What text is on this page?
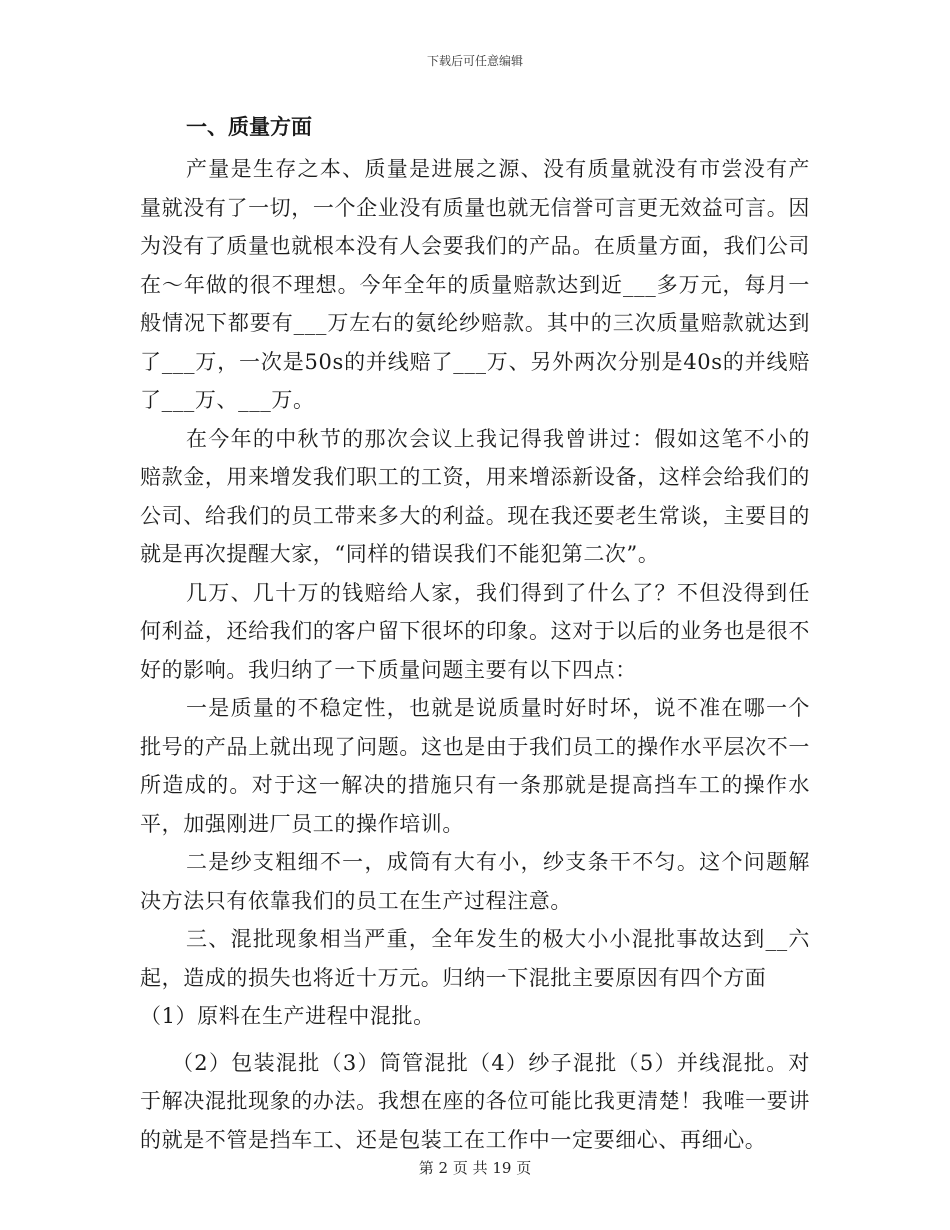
下载后可任意编辑
一、质量方面

产量是生存之本、质量是进展之源、没有质量就没有市尝没有产量就没有了一切，一个企业没有质量也就无信誉可言更无效益可言。因为没有了质量也就根本没有人会要我们的产品。在质量方面，我们公司在～年做的很不理想。今年全年的质量赔款达到近___多万元，每月一般情况下都要有___万左右的氨纶纱赔款。其中的三次质量赔款就达到了___万，一次是50s的并线赔了___万、另外两次分别是40s的并线赔了___万、___万。

在今年的中秋节的那次会议上我记得我曾讲过：假如这笔不小的赔款金，用来增发我们职工的工资，用来增添新设备，这样会给我们的公司、给我们的员工带来多大的利益。现在我还要老生常谈，主要目的就是再次提醒大家，“同样的错误我们不能犯第二次”。

几万、几十万的钱赔给人家，我们得到了什么了？不但没得到任何利益，还给我们的客户留下很坏的印象。这对于以后的业务也是很不好的影响。我归纳了一下质量问题主要有以下四点：

一是质量的不稳定性，也就是说质量时好时坏，说不准在哪一个批号的产品上就出现了问题。这也是由于我们员工的操作水平层次不一所造成的。对于这一解决的措施只有一条那就是提高挡车工的操作水平，加强刚进厂员工的操作培训。

二是纱支粗细不一，成筒有大有小，纱支条干不匀。这个问题解决方法只有依靠我们的员工在生产过程注意。

三、混批现象相当严重，全年发生的极大小小混批事故达到__六起，造成的损失也将近十万元。归纳一下混批主要原因有四个方面

（1）原料在生产进程中混批。

（2）包装混批（3）筒管混批（4）纱子混批（5）并线混批。对于解决混批现象的办法。我想在座的各位可能比我更清楚！我唯一要讲的就是不管是挡车工、还是包装工在工作中一定要细心、再细心。

第 2 页 共 19 页
